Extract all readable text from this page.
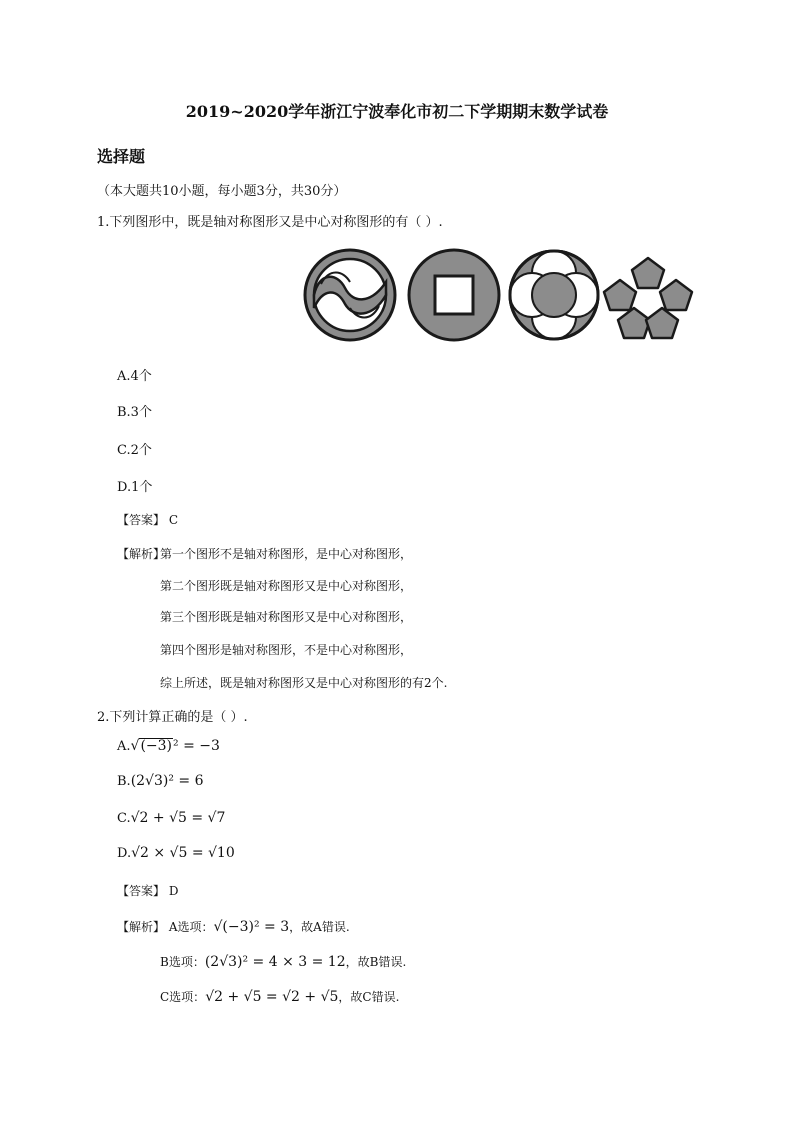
2019~2020学年浙江宁波奉化市初二下学期期末数学试卷
选择题
（本大题共10小题，每小题3分，共30分）
1.下列图形中，既是轴对称图形又是中心对称图形的有（ ）.
A.4个
B.3个
C.2个
D.1个
【答案】 C
【解析】
第一个图形不是轴对称图形，是中心对称图形，
第二个图形既是轴对称图形又是中心对称图形，
第三个图形既是轴对称图形又是中心对称图形，
第四个图形是轴对称图形，不是中心对称图形，
综上所述，既是轴对称图形又是中心对称图形的有2个.
2.下列计算正确的是（ ）.
A.√(−3)² = −3
B.(2√3)² = 6
C.√2 + √5 = √7
D.√2 × √5 = √10
【答案】 D
【解析】 A选项：√(−3)² = 3，故A错误.
B选项：(2√3)² = 4 × 3 = 12，故B错误.
C选项：√2 + √5 = √2 + √5，故C错误.
